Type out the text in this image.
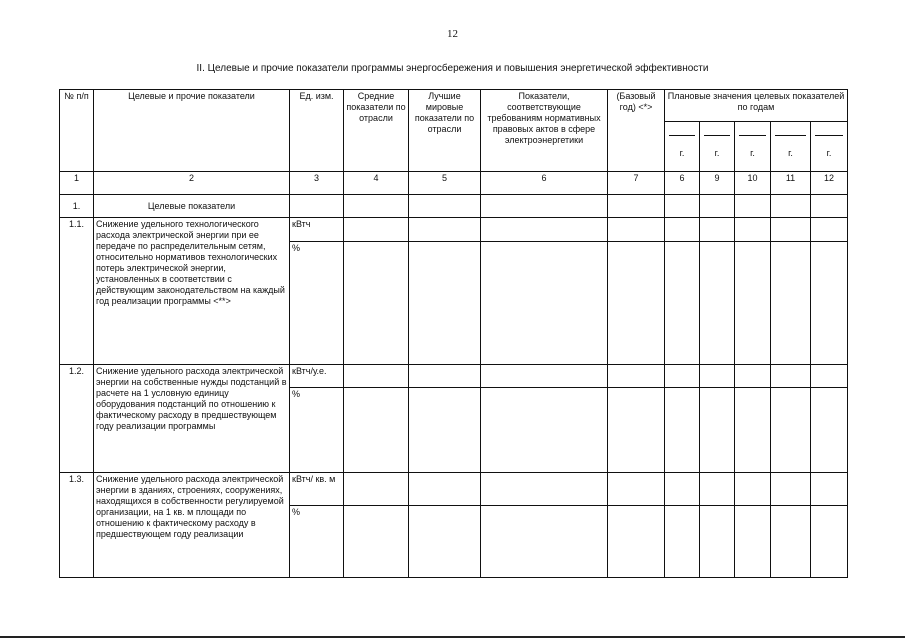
12
II. Целевые и прочие показатели программы энергосбережения и повышения энергетической эффективности
№ п/п	Целевые и прочие показатели	Ед. изм.	Средние показатели по отрасли	Лучшие мировые показатели по отрасли	Показатели, соответствующие требованиям нормативных правовых актов в сфере электроэнергетики	(Базовый год) <*>	Плановые значения целевых показателей по годам				

							г.	г.	г.	г.	г.

1	2	3	4	5	6	7	6	9	10	11	12
1.	Целевые показатели										
1.1.	Снижение удельного технологического расхода электрической энергии при ее передаче по распределительным сетям, относительно нормативов технологических потерь электрической энергии, установленных в соответствии с действующим законодательством на каждый год реализации программы <**>	кВтч									
		%									
1.2.	Снижение удельного расхода электрической энергии на собственные нужды подстанций в расчете на 1 условную единицу оборудования подстанций по отношению к фактическому расходу в предшествующем году реализации программы	кВтч/у.е.									
		%									
1.3.	Снижение удельного расхода электрической энергии в зданиях, строениях, сооружениях, находящихся в собственности регулируемой организации, на 1 кв. м площади по отношению к фактическому расходу в предшествующем году реализации	кВтч/ кв. м									
		%									
